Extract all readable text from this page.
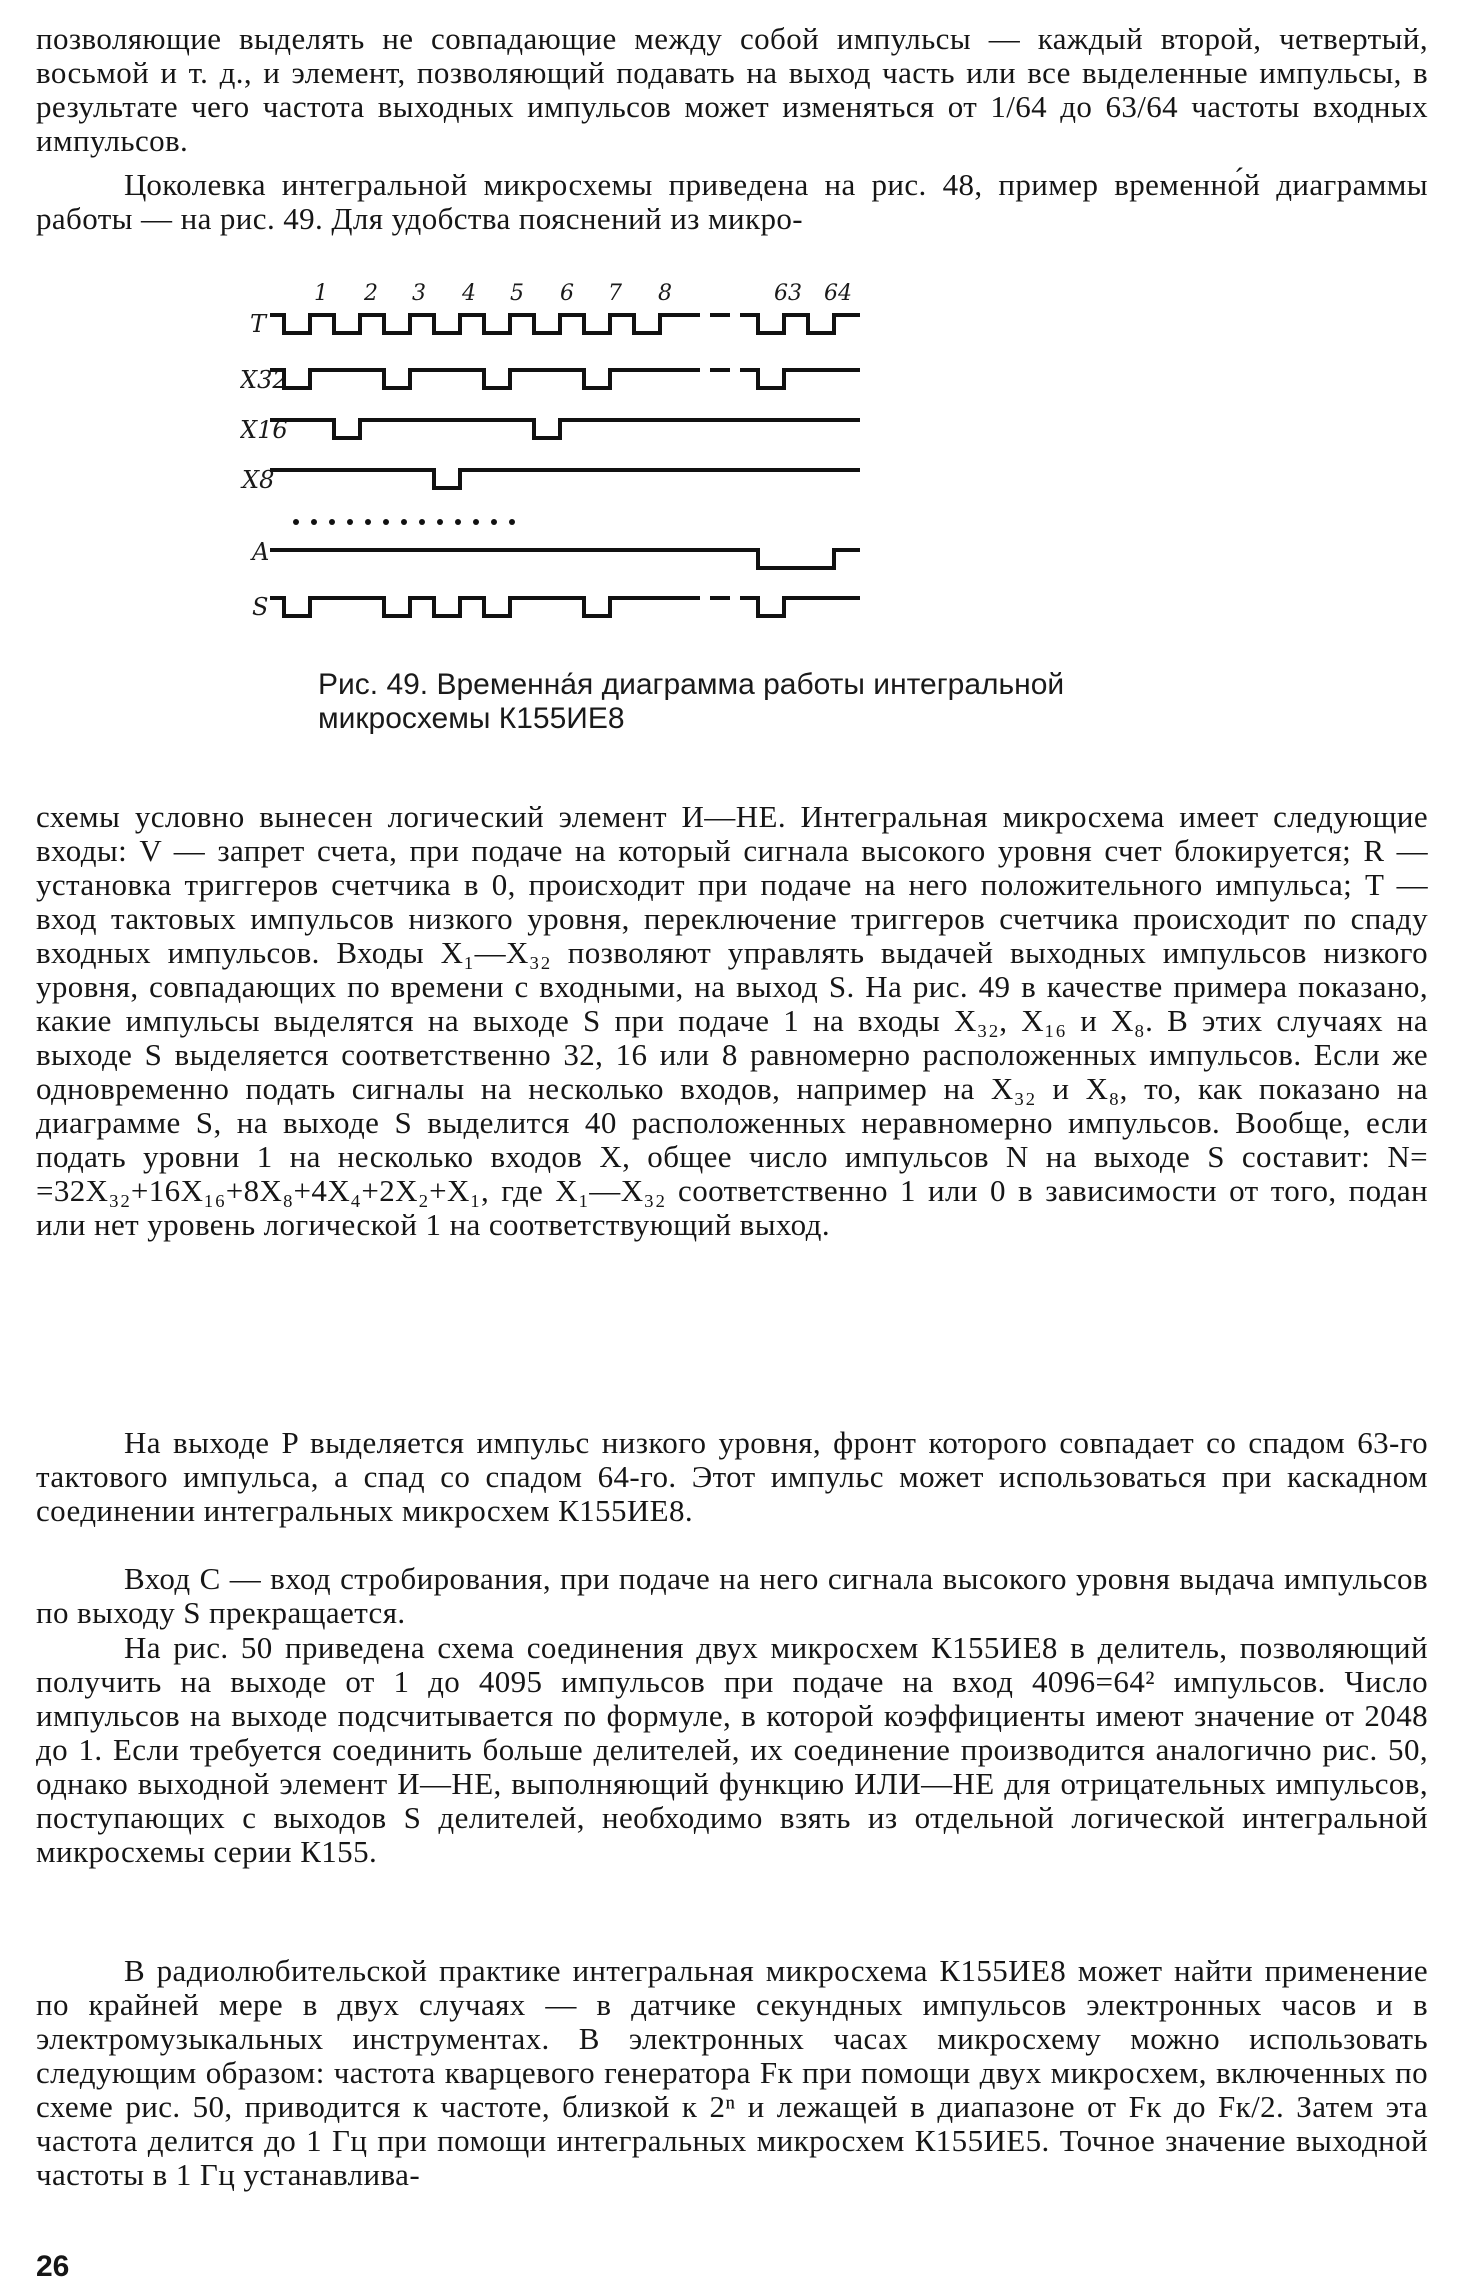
позволяющие выделять не совпадающие между собой импульсы — каждый второй, четвертый, восьмой и т. д., и элемент, позволяющий подавать на выход часть или все выделенные импульсы, в результате чего частота выходных импульсов может изменяться от 1/64 до 63/64 частоты входных импульсов.

Цоколевка интегральной микросхемы приведена на рис. 48, пример временно́й диаграммы работы — на рис. 49. Для удобства пояснений из микро-

1 2 3 4 5 6 7 8	63 64
T
X32
X16
X8
A
S

Рис. 49. Временна́я диаграмма работы интегральной микросхемы К155ИЕ8

схемы условно вынесен логический элемент И—НЕ. Интегральная микросхема имеет следующие входы: V — запрет счета, при подаче на который сигнала высокого уровня счет блокируется; R — установка триггеров счетчика в 0, происходит при подаче на него положительного импульса; T — вход тактовых импульсов низкого уровня, переключение триггеров счетчика происходит по спаду входных импульсов. Входы X₁—X₃₂ позволяют управлять выдачей выходных импульсов низкого уровня, совпадающих по времени с входными, на выход S. На рис. 49 в качестве примера показано, какие импульсы выделятся на выходе S при подаче 1 на входы X₃₂, X₁₆ и X₈. В этих случаях на выходе S выделяется соответственно 32, 16 или 8 равномерно расположенных импульсов. Если же одновременно подать сигналы на несколько входов, например на X₃₂ и X₈, то, как показано на диаграмме S, на выходе S выделится 40 расположенных неравномерно импульсов. Вообще, если подать уровни 1 на несколько входов X, общее число импульсов N на выходе S составит: N= =32X₃₂+16X₁₆+8X₈+4X₄+2X₂+X₁, где X₁—X₃₂ соответственно 1 или 0 в зависимости от того, подан или нет уровень логической 1 на соответствующий выход.

На выходе P выделяется импульс низкого уровня, фронт которого совпадает со спадом 63-го тактового импульса, а спад со спадом 64-го. Этот импульс может использоваться при каскадном соединении интегральных микросхем К155ИЕ8.

Вход C — вход стробирования, при подаче на него сигнала высокого уровня выдача импульсов по выходу S прекращается.

На рис. 50 приведена схема соединения двух микросхем К155ИЕ8 в делитель, позволяющий получить на выходе от 1 до 4095 импульсов при подаче на вход 4096=64² импульсов. Число импульсов на выходе подсчитывается по формуле, в которой коэффициенты имеют значение от 2048 до 1. Если требуется соединить больше делителей, их соединение производится аналогично рис. 50, однако выходной элемент И—НЕ, выполняющий функцию ИЛИ—НЕ для отрицательных импульсов, поступающих с выходов S делителей, необходимо взять из отдельной логической интегральной микросхемы серии К155.

В радиолюбительской практике интегральная микросхема К155ИЕ8 может найти применение по крайней мере в двух случаях — в датчике секундных импульсов электронных часов и в электромузыкальных инструментах. В электронных часах микросхему можно использовать следующим образом: частота кварцевого генератора Fк при помощи двух микросхем, включенных по схеме рис. 50, приводится к частоте, близкой к 2ⁿ и лежащей в диапазоне от Fк до Fк/2. Затем эта частота делится до 1 Гц при помощи интегральных микросхем К155ИЕ5. Точное значение выходной частоты в 1 Гц устанавлива-

26
